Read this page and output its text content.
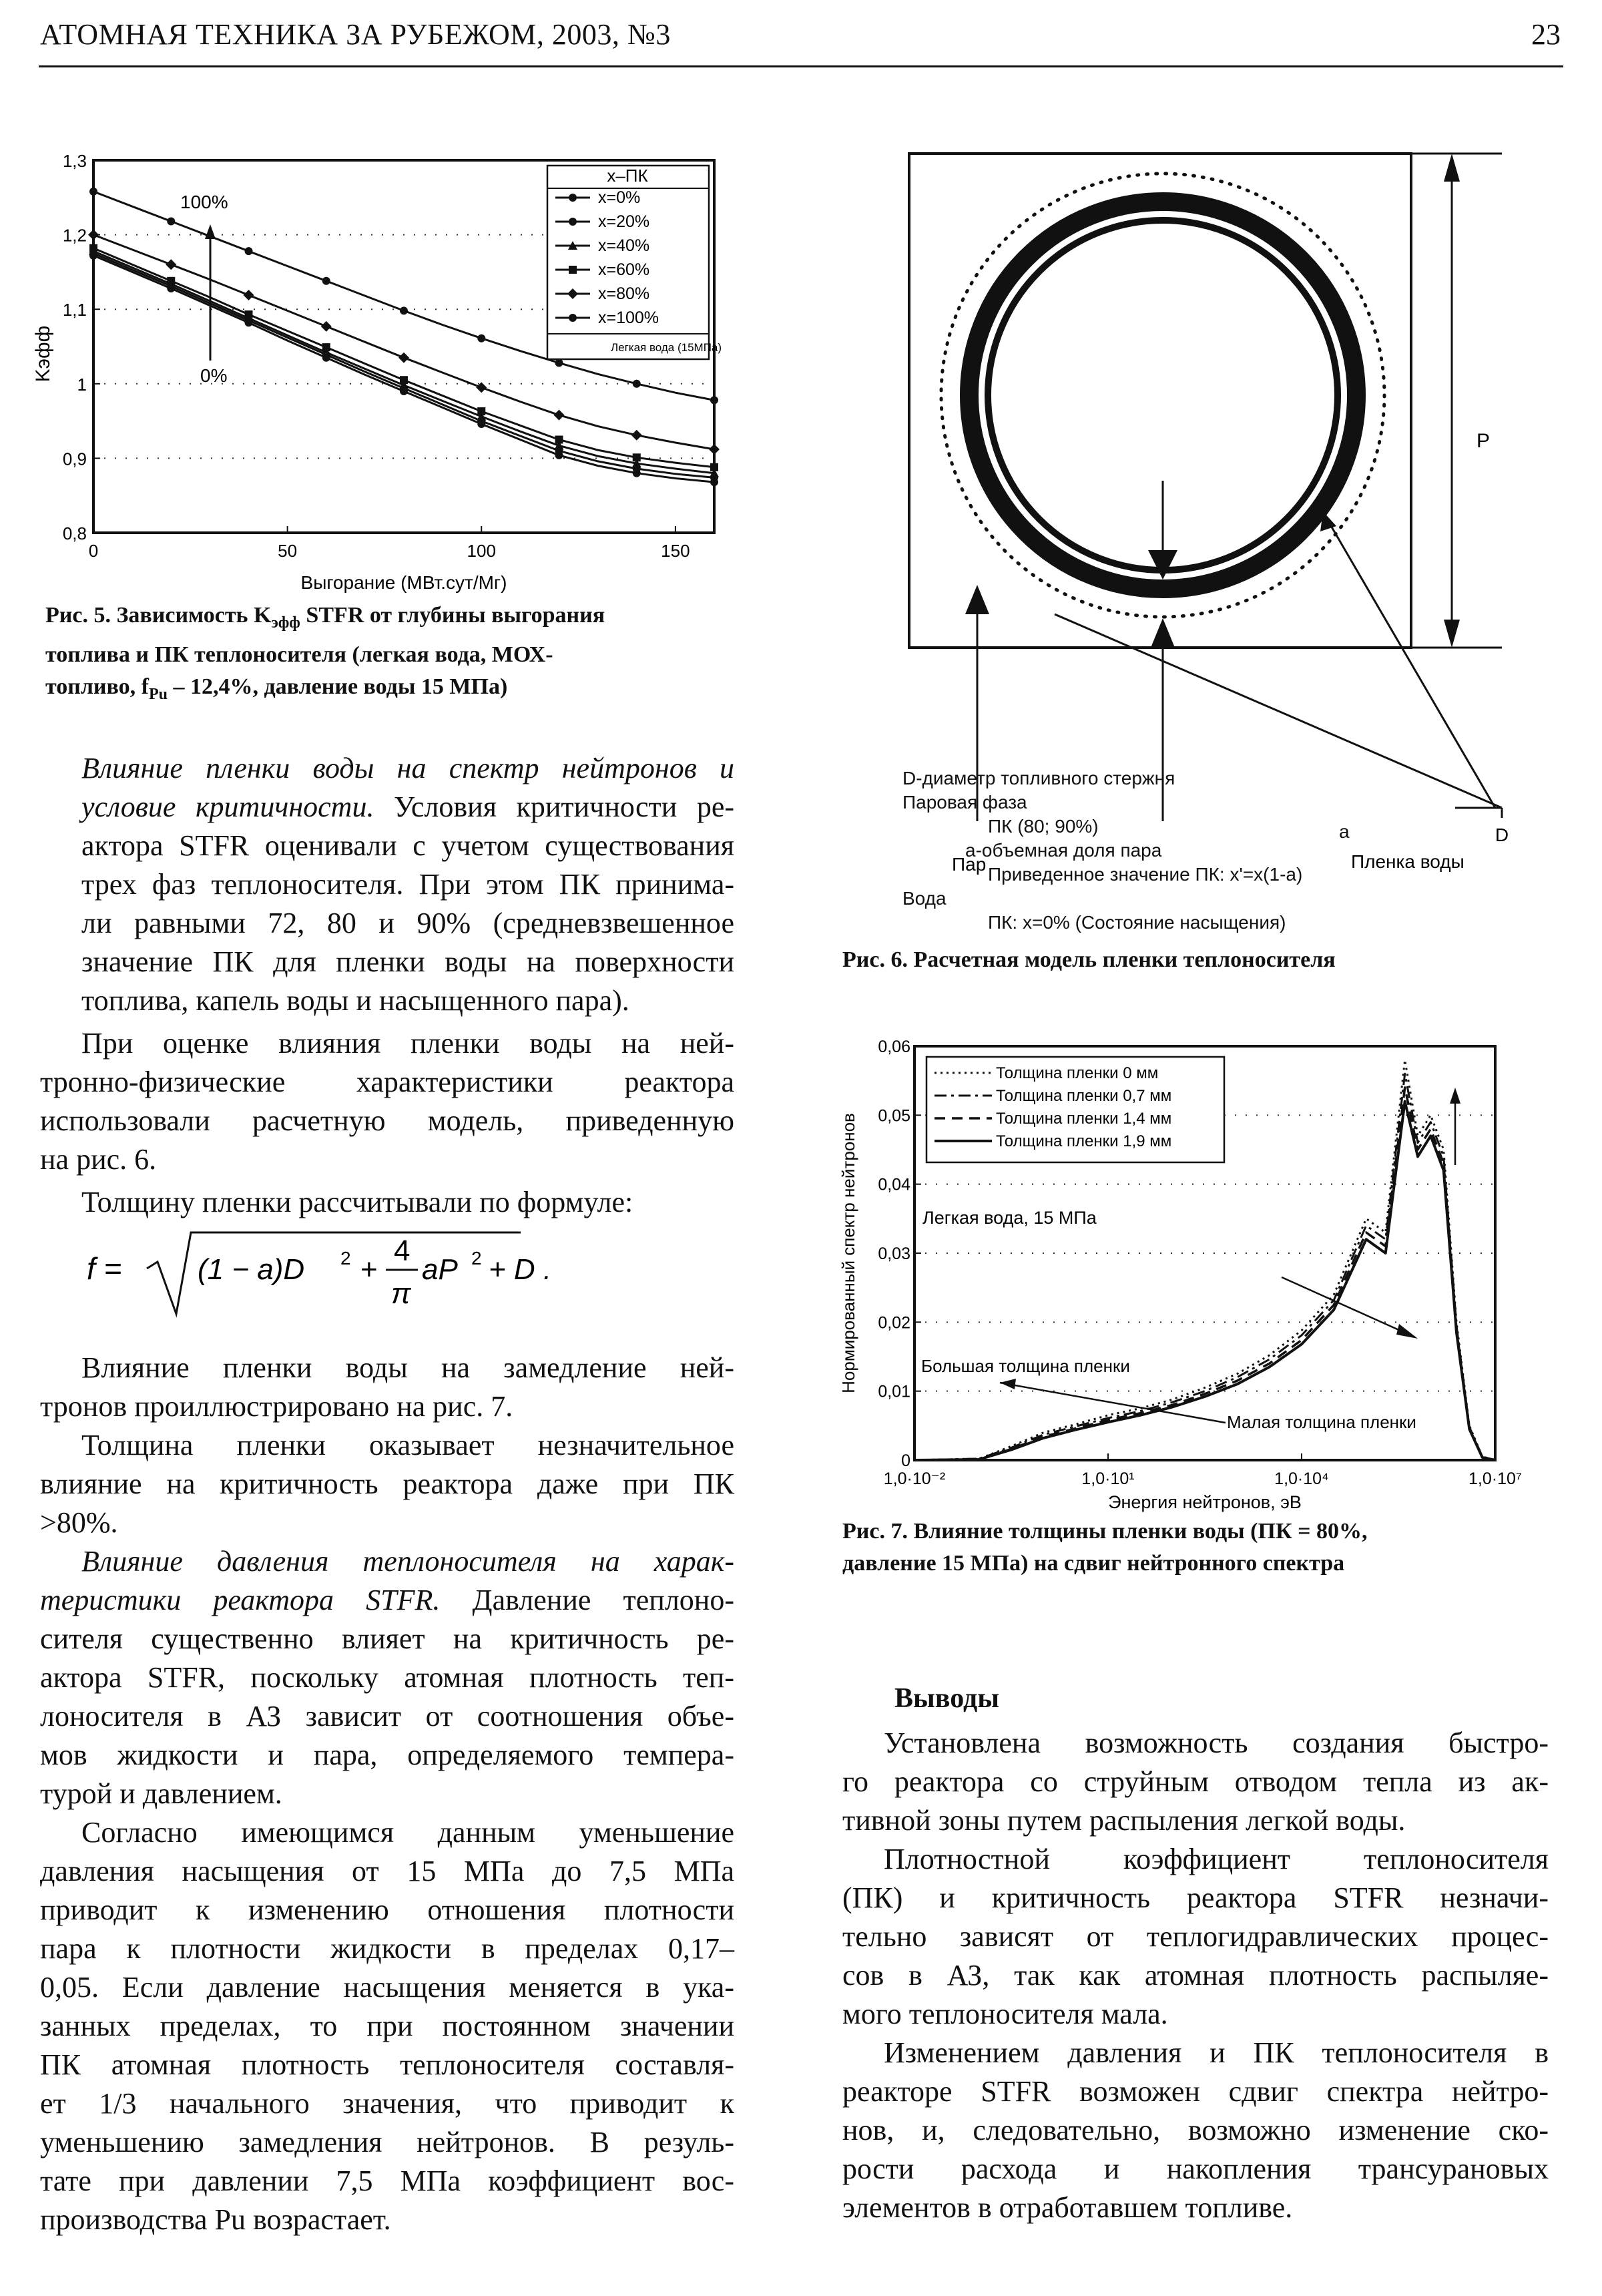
АТОМНАЯ ТЕХНИКА ЗА РУБЕЖОМ, 2003, №3	23
0,8
0,9
1
1,1
1,2
1,3
0	50	100	150
Kэфф
Выгорание (МВт.сут/Мг)
100%
0%
х–ПК
х=0%
х=20%
х=40%
х=60%
х=80%
х=100%
Легкая вода (15МПа)
Рис. 5. Зависимость $K_{эфф}$ STFR от глубины выгорания
топлива и ПК теплоносителя (легкая вода, МОХ-
топливо, $f_{Pu} - 12,4\%$, давление воды 15 МПа)

Влияние пленки воды на спектр нейтронов и
условие критичности. Условия критичности ре-
актора STFR оценивали с учетом существования
трех фаз теплоносителя. При этом ПК принима-
ли равными 72, 80 и 90% (средневзвешенное
значение ПК для пленки воды на поверхности
топлива, капель воды и насыщенного пара).

При оценке влияния пленки воды на ней-
тронно-физические характеристики реактора
использовали расчетную модель, приведенную
на рис. 6.

Толщину пленки рассчитывали по формуле:

f =	(1 − a)D 2 +
4
π
aP 2 + D .

Влияние пленки воды на замедление ней-
тронов проиллюстрировано на рис. 7.

Толщина пленки оказывает незначительное
влияние на критичность реактора даже при ПК
>80%.

Влияние давления теплоносителя на харак-
теристики реактора STFR. Давление теплоно-
сителя существенно влияет на критичность ре-
актора STFR, поскольку атомная плотность теп-
лоносителя в АЗ зависит от соотношения объе-
мов жидкости и пара, определяемого темпера-
турой и давлением.

Согласно имеющимся данным уменьшение
давления насыщения от 15 МПа до 7,5 МПа
приводит к изменению отношения плотности
пара к плотности жидкости в пределах 0,17–
0,05. Если давление насыщения меняется в ука-
занных пределах, то при постоянном значении
ПК атомная плотность теплоносителя составля-
ет 1/3 начального значения, что приводит к
уменьшению замедления нейтронов. В резуль-
тате при давлении 7,5 МПа коэффициент вос-
производства Pu возрастает.

P
D
Пар	Пленка воды
D-диаметр топливного стержня
Паровая фаза
ПК (80; 90%)	a
a-объемная доля пара
Приведенное значение ПК: x'=x(1-a)
Вода
ПК: x=0% (Состояние насыщения)
Рис. 6. Расчетная модель пленки теплоносителя
0
0,01
0,02
0,03
0,04
0,05
0,06
1,0·10⁻²	1,0·10¹	1,0·10⁴	1,0·10⁷
Нормированный спектр нейтронов
Энергия нейтронов, эВ
Толщина пленки 0 мм
Толщина пленки 0,7 мм
Толщина пленки 1,4 мм
Толщина пленки 1,9 мм
Легкая вода, 15 МПа
Большая толщина пленки
Малая толщина пленки
Рис. 7. Влияние толщины пленки воды (ПК = 80%,
давление 15 МПа) на сдвиг нейтронного спектра
Выводы

Установлена возможность создания быстро-
го реактора со струйным отводом тепла из ак-
тивной зоны путем распыления легкой воды.

Плотностной коэффициент теплоносителя
(ПК) и критичность реактора STFR незначи-
тельно зависят от теплогидравлических процес-
сов в АЗ, так как атомная плотность распыляе-
мого теплоносителя мала.

Изменением давления и ПК теплоносителя в
реакторе STFR возможен сдвиг спектра нейтро-
нов, и, следовательно, возможно изменение ско-
рости расхода и накопления трансурановых
элементов в отработавшем топливе.
